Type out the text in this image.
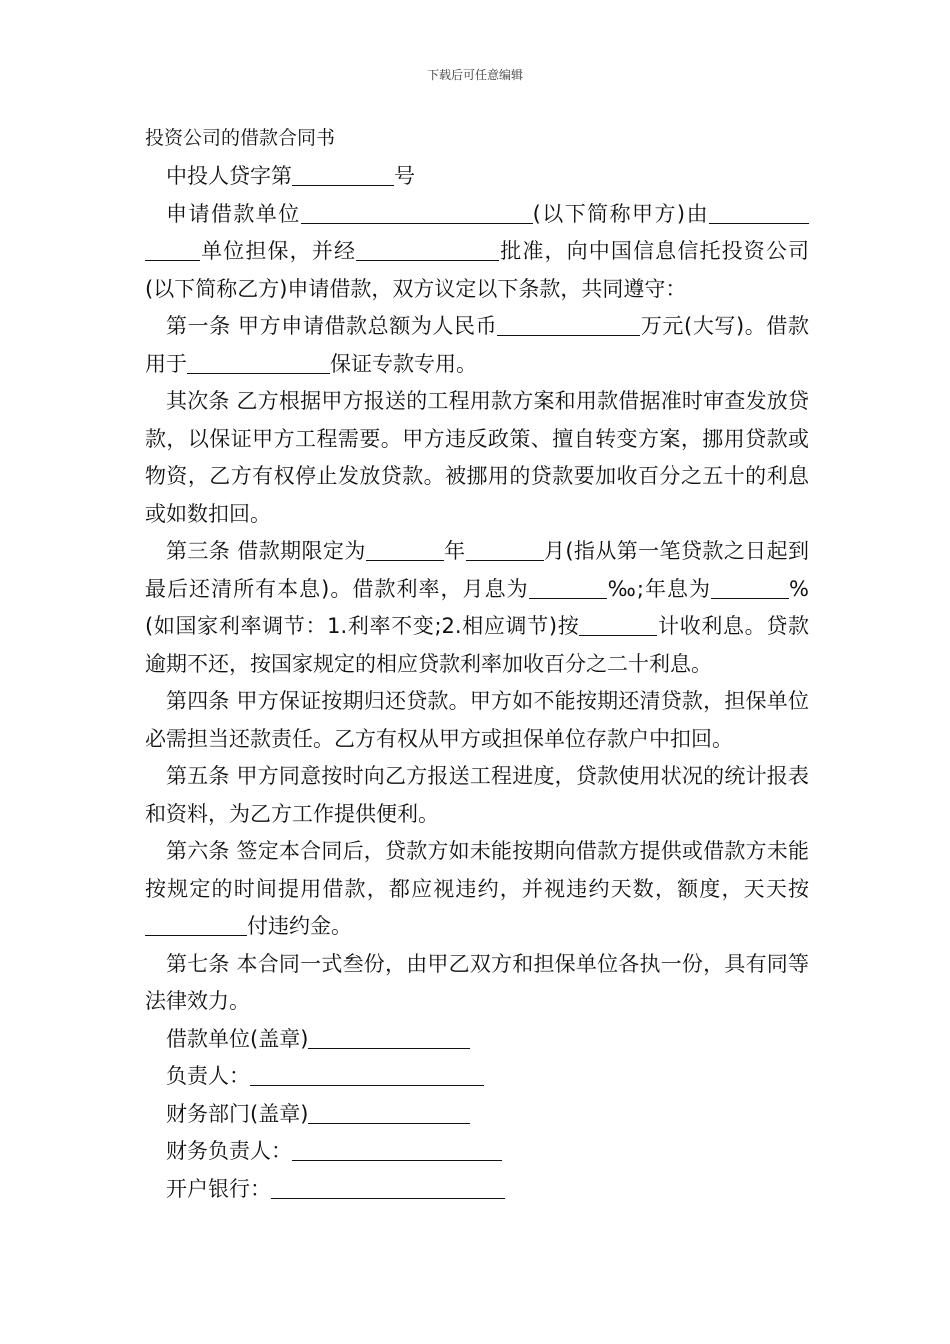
下载后可任意编辑

投资公司的借款合同书

中投人贷字第	号

申请借款单位	(以下简称甲方)由单位担保，并经	批准，向中国信息信托投资公司(以下简称乙方)申请借款，双方议定以下条款，共同遵守：

第一条 甲方申请借款总额为人民币	万元(大写)。借款用于	保证专款专用。

其次条 乙方根据甲方报送的工程用款方案和用款借据准时审查发放贷款，以保证甲方工程需要。甲方违反政策、擅自转变方案，挪用贷款或物资，乙方有权停止发放贷款。被挪用的贷款要加收百分之五十的利息或如数扣回。

第三条 借款期限定为	年	月(指从第一笔贷款之日起到最后还清所有本息)。借款利率，月息为	‰;年息为	%(如国家利率调节：1.利率不变;2.相应调节)按	计收利息。贷款逾期不还，按国家规定的相应贷款利率加收百分之二十利息。

第四条 甲方保证按期归还贷款。甲方如不能按期还清贷款，担保单位必需担当还款责任。乙方有权从甲方或担保单位存款户中扣回。

第五条 甲方同意按时向乙方报送工程进度，贷款使用状况的统计报表和资料，为乙方工作提供便利。

第六条 签定本合同后，贷款方如未能按期向借款方提供或借款方未能按规定的时间提用借款，都应视违约，并视违约天数，额度，天天按付违约金。

第七条 本合同一式叁份，由甲乙双方和担保单位各执一份，具有同等法律效力。

借款单位(盖章)

负责人：

财务部门(盖章)

财务负责人：

开户银行：
